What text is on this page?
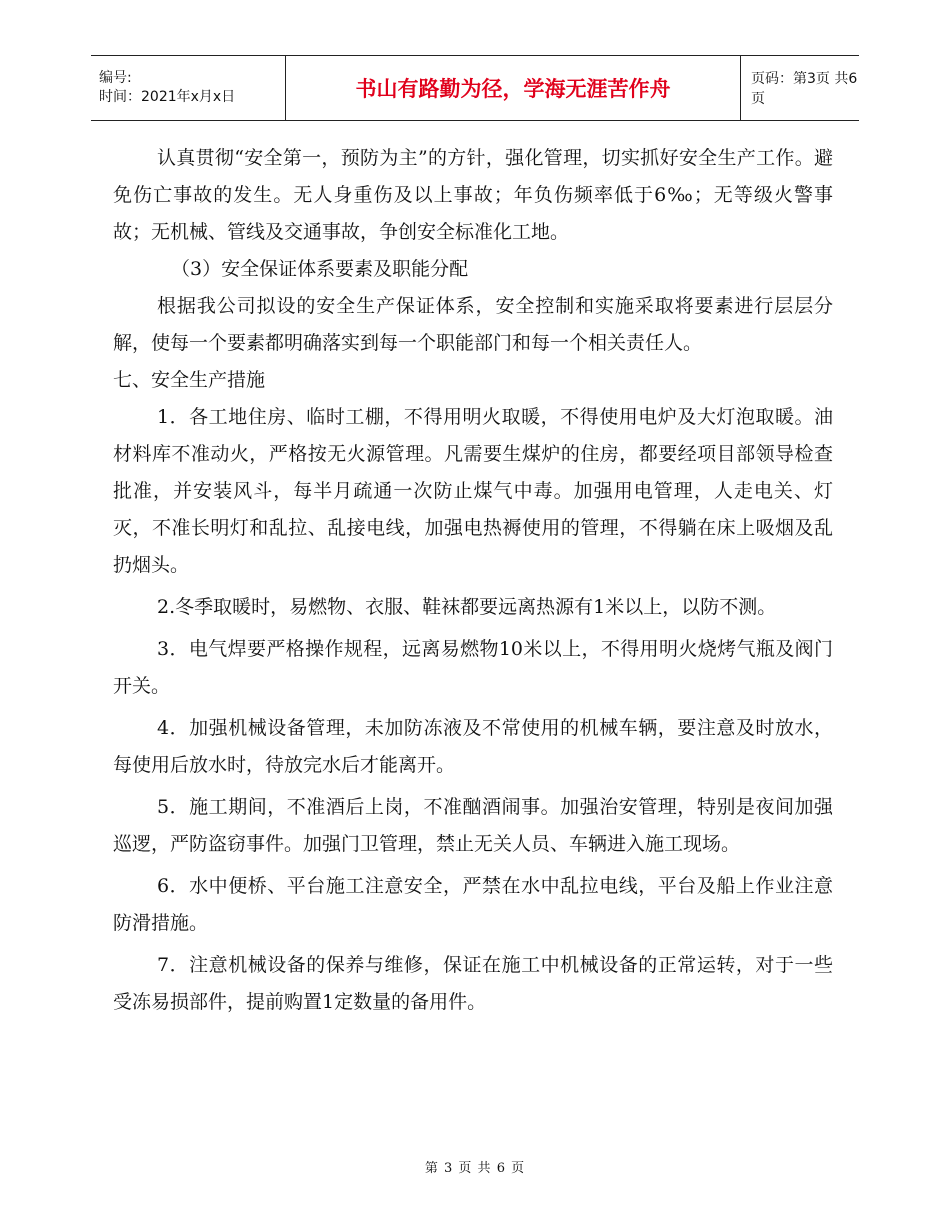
编号:
时间：2021年x月x日	书山有路勤为径，学海无涯苦作舟	页码：第3页 共6页

认真贯彻“安全第一，预防为主”的方针，强化管理，切实抓好安全生产工作。避免伤亡事故的发生。无人身重伤及以上事故；年负伤频率低于6‰；无等级火警事故；无机械、管线及交通事故，争创安全标准化工地。

（3）安全保证体系要素及职能分配

根据我公司拟设的安全生产保证体系，安全控制和实施采取将要素进行层层分解，使每一个要素都明确落实到每一个职能部门和每一个相关责任人。

七、安全生产措施

1．各工地住房、临时工棚，不得用明火取暖，不得使用电炉及大灯泡取暖。油材料库不准动火，严格按无火源管理。凡需要生煤炉的住房，都要经项目部领导检查批准，并安装风斗，每半月疏通一次防止煤气中毒。加强用电管理，人走电关、灯灭，不准长明灯和乱拉、乱接电线，加强电热褥使用的管理，不得躺在床上吸烟及乱扔烟头。

2.冬季取暖时，易燃物、衣服、鞋袜都要远离热源有1米以上，以防不测。

3．电气焊要严格操作规程，远离易燃物10米以上，不得用明火烧烤气瓶及阀门开关。

4．加强机械设备管理，未加防冻液及不常使用的机械车辆，要注意及时放水，每使用后放水时，待放完水后才能离开。

5．施工期间，不准酒后上岗，不准酗酒闹事。加强治安管理，特别是夜间加强巡逻，严防盗窃事件。加强门卫管理，禁止无关人员、车辆进入施工现场。

6．水中便桥、平台施工注意安全，严禁在水中乱拉电线，平台及船上作业注意防滑措施。

7．注意机械设备的保养与维修，保证在施工中机械设备的正常运转，对于一些受冻易损部件，提前购置1定数量的备用件。

第 3 页 共 6 页
